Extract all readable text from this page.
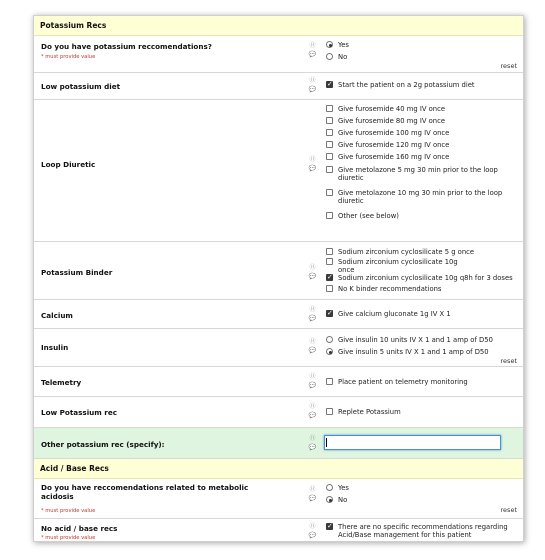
Potassium Recs
Do you have potassium reccomendations?
* must provide value
Ⓗ
💬
Yes
No
reset
Low potassium diet
Ⓗ
💬
✓
Start the patient on a 2g potassium diet
Loop Diuretic
Ⓗ
💬
Give furosemide 40 mg IV once
Give furosemide 80 mg IV once
Give furosemide 100 mg IV once
Give furosemide 120 mg IV once
Give furosemide 160 mg IV once
Give metolazone 5 mg 30 min prior to the loop diuretic
Give metolazone 10 mg 30 min prior to the loop diuretic
Other (see below)
Potassium Binder
Ⓗ
💬
Sodium zirconium cyclosilicate 5 g once
Sodium zirconium cyclosilicate 10g once
✓
Sodium zirconium cyclosilicate 10g q8h for 3 doses
No K binder recommendations
Calcium
Ⓗ
💬
✓
Give calcium gluconate 1g IV X 1
Insulin
Ⓗ
💬
Give insulin 10 units IV X 1 and 1 amp of D50
Give insulin 5 units IV X 1 and 1 amp of D50
reset
Telemetry
Ⓗ
💬	Place patient on telemetry monitoring
Low Potassium rec
Ⓗ
💬	Replete Potassium
Other potassium rec (specify):
Ⓗ
💬
Acid / Base Recs
Do you have reccomendations related to metabolic acidosis
* must provide value
Ⓗ
💬
Yes
No
reset
No acid / base recs
* must provide value
Ⓗ
💬
✓
There are no specific recommendations regarding Acid/Base management for this patient
